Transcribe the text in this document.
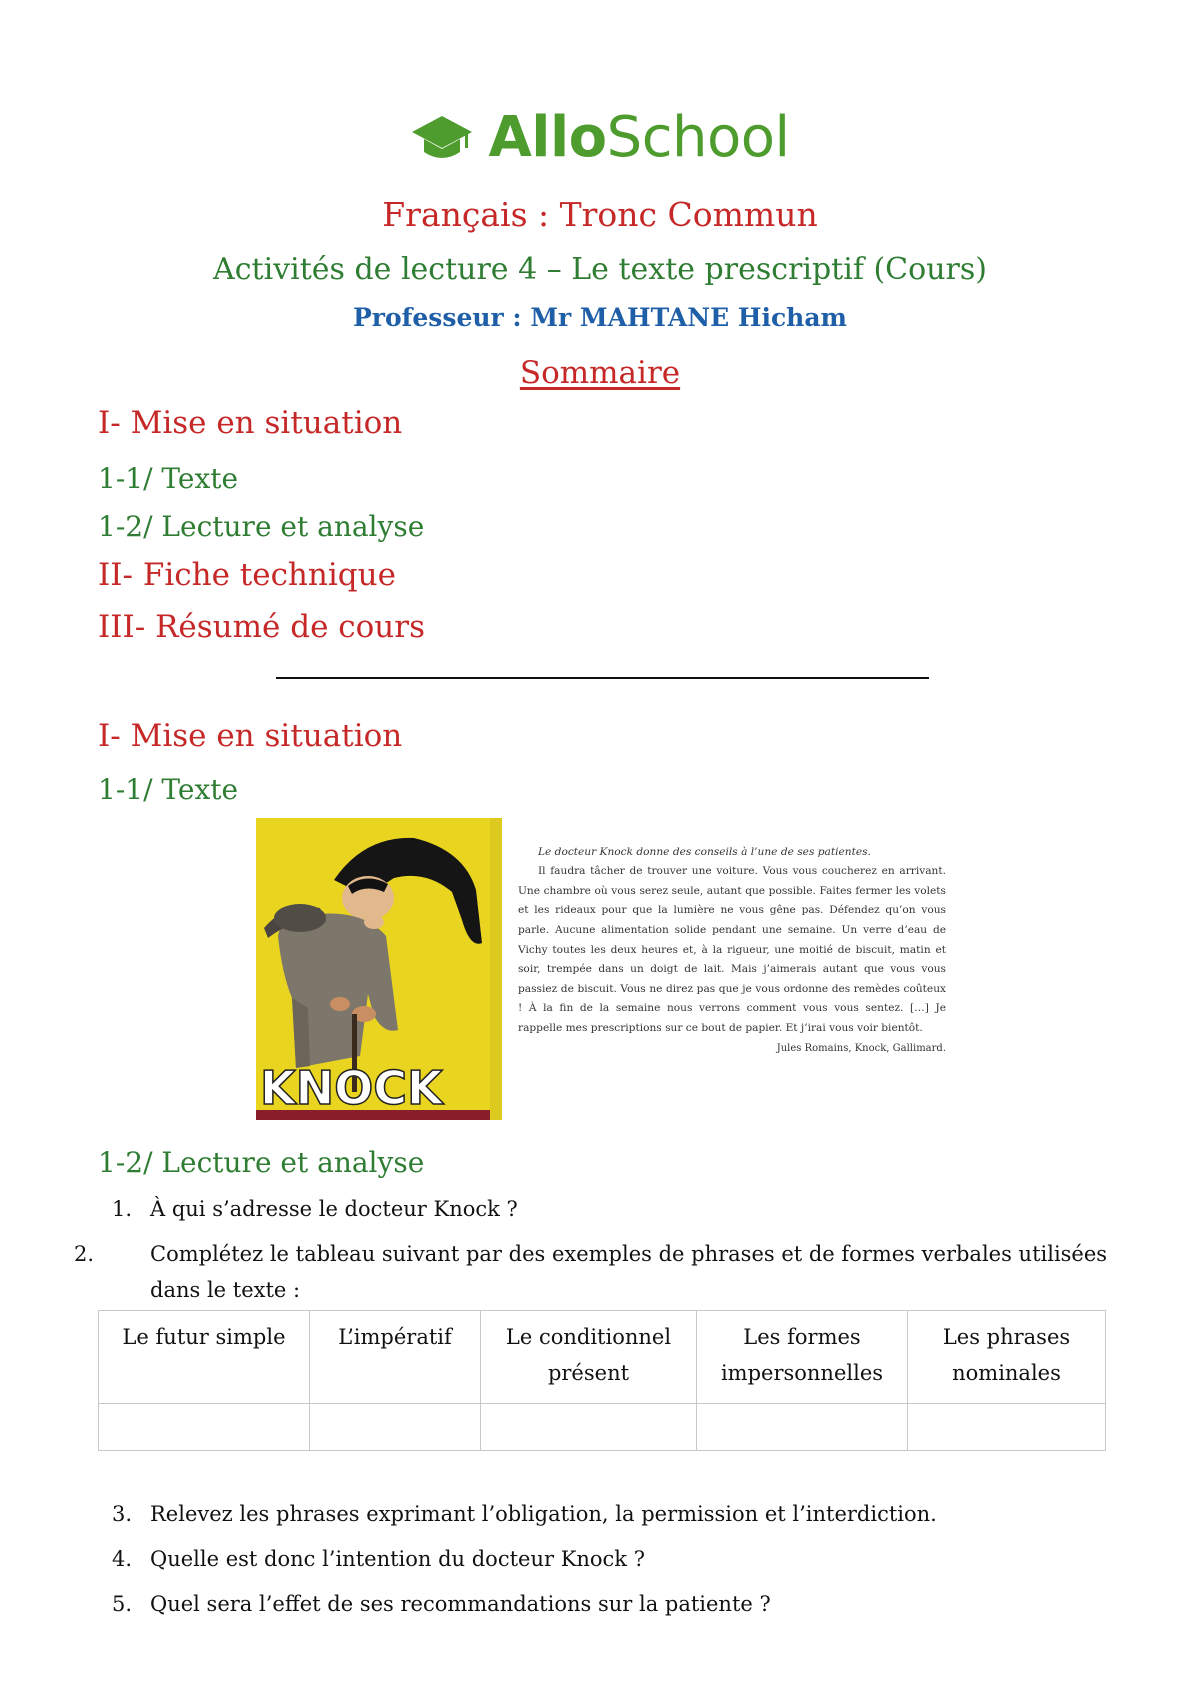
AlloSchool
Français : Tronc Commun
Activités de lecture 4 – Le texte prescriptif (Cours)
Professeur : Mr MAHTANE Hicham
Sommaire
I- Mise en situation
1-1/ Texte
1-2/ Lecture et analyse
II- Fiche technique
III- Résumé de cours
I- Mise en situation
1-1/ Texte
KNOCK

Le docteur Knock donne des conseils à l’une de ses patientes.

Il faudra tâcher de trouver une voiture. Vous vous coucherez en arrivant. Une chambre où vous serez seule, autant que possible. Faites fermer les volets et les rideaux pour que la lumière ne vous gêne pas. Défendez qu’on vous parle. Aucune alimentation solide pendant une semaine. Un verre d’eau de Vichy toutes les deux heures et, à la rigueur, une moitié de biscuit, matin et soir, trempée dans un doigt de lait. Mais j’aimerais autant que vous vous passiez de biscuit. Vous ne direz pas que je vous ordonne des remèdes coûteux ! À la fin de la semaine nous verrons comment vous vous sentez. […] Je rappelle mes prescriptions sur ce bout de papier. Et j’irai vous voir bientôt.

Jules Romains, Knock, Gallimard.

1-2/ Lecture et analyse
1. À qui s’adresse le docteur Knock ?
2.	Complétez le tableau suivant par des exemples de phrases et de formes verbales utilisées dans le texte :
Le futur simple	L’impératif	Le conditionnel présent	Les formes impersonnelles	Les phrases nominales

3. Relevez les phrases exprimant l’obligation, la permission et l’interdiction.
4. Quelle est donc l’intention du docteur Knock ?
5. Quel sera l’effet de ses recommandations sur la patiente ?
